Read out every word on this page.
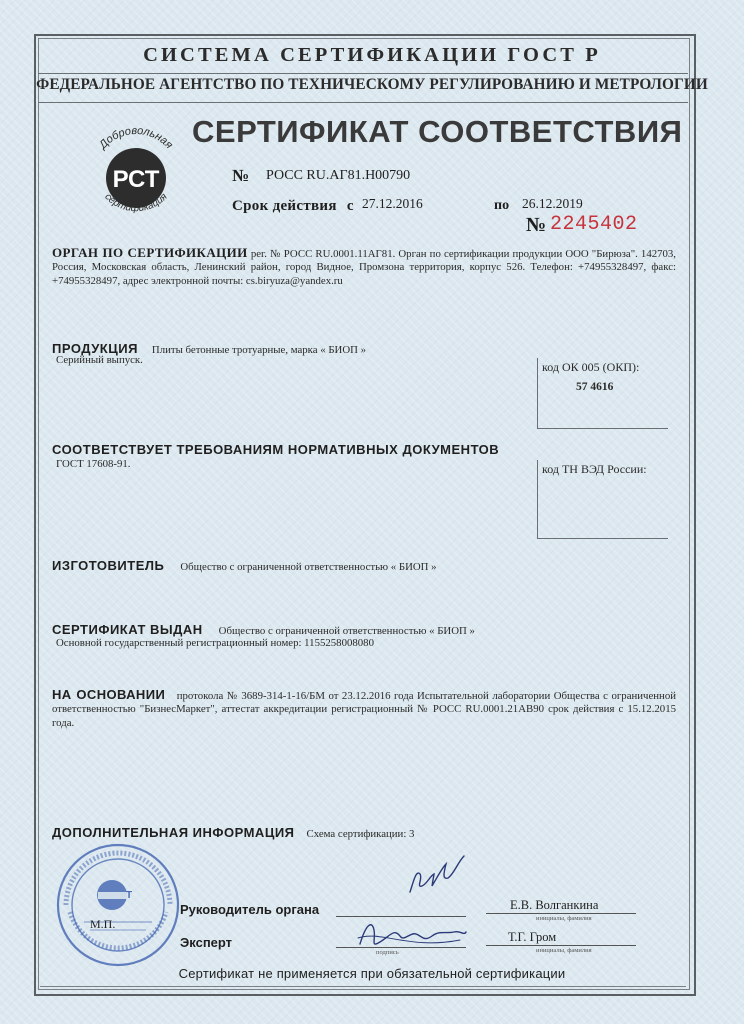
СИСТЕМА СЕРТИФИКАЦИИ ГОСТ Р
ФЕДЕРАЛЬНОЕ АГЕНТСТВО ПО ТЕХНИЧЕСКОМУ РЕГУЛИРОВАНИЮ И МЕТРОЛОГИИ
Добровольная
сертификация
РСТ
СЕРТИФИКАТ СООТВЕТСТВИЯ
№ РОСС RU.АГ81.Н00790
Срок действия с 27.12.2016	по 26.12.2019
№ 2245402
ОРГАН ПО СЕРТИФИКАЦИИ рег. № РОСС RU.0001.11АГ81. Орган по сертификации продукции ООО "Бирюза". 142703, Россия, Московская область, Ленинский район, город Видное, Промзона территория, корпус 526. Телефон: +74955328497, факс: +74955328497, адрес электронной почты: cs.biryuza@yandex.ru
ПРОДУКЦИЯ Плиты бетонные тротуарные, марка « БИОП »
Серийный выпуск.	код ОК 005 (ОКП):
57 4616
СООТВЕТСТВУЕТ ТРЕБОВАНИЯМ НОРМАТИВНЫХ ДОКУМЕНТОВ
ГОСТ 17608-91.	код ТН ВЭД России:
ИЗГОТОВИТЕЛЬ Общество с ограниченной ответственностью « БИОП »
СЕРТИФИКАТ ВЫДАН Общество с ограниченной ответственностью « БИОП »
Основной государственный регистрационный номер: 1155258008080
НА ОСНОВАНИИ протокола № 3689-314-1-16/БМ от 23.12.2016 года Испытательной лаборатории Общества с ограниченной ответственностью "БизнесМаркет", аттестат аккредитации регистрационный № РОСС RU.0001.21АВ90 срок действия с 15.12.2015 года.
ДОПОЛНИТЕЛЬНАЯ ИНФОРМАЦИЯ Схема сертификации: 3
Т
М.П.
Руководитель органа	Е.В. Волганкина
инициалы, фамилия
Эксперт
подпись
Т.Г. Гром
инициалы, фамилия
Сертификат не применяется при обязательной сертификации
